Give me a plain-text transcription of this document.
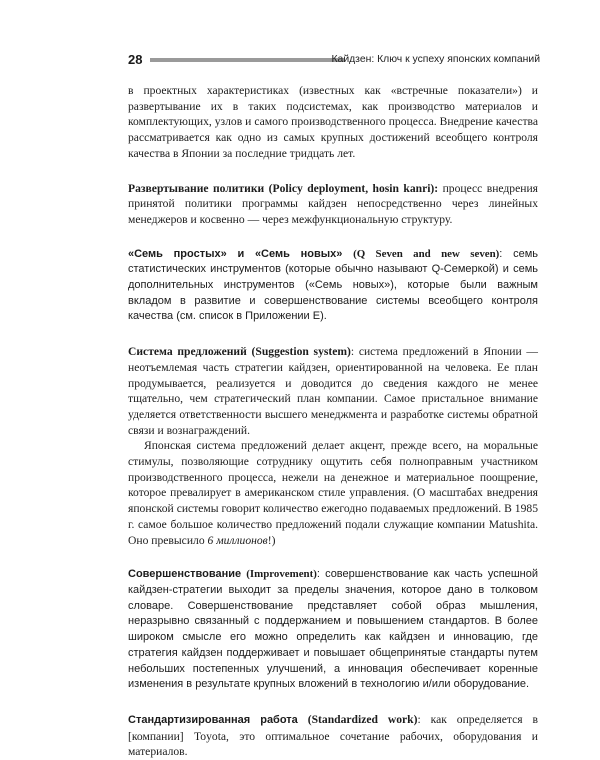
28	Кайдзен: Ключ к успеху японских компаний

в проектных характеристиках (известных как «встречные показатели») и развертывание их в таких подсистемах, как производство материалов и комплектующих, узлов и самого производственного процесса. Внедрение качества рассматривается как одно из самых крупных достижений всеобщего контроля качества в Японии за последние тридцать лет.

Развертывание политики (Policy deployment, hosin kanri): процесс внедрения принятой политики программы кайдзен непосредственно через линейных менеджеров и косвенно — через межфункциональную структуру.

«Семь простых» и «Семь новых» (Q Seven and new seven): семь статистических инструментов (которые обычно называют Q-Семеркой) и семь дополнительных инструментов («Семь новых»), которые были важным вкладом в развитие и совершенствование системы всеобщего контроля качества (см. список в Приложении Е).

Система предложений (Suggestion system): система предложений в Японии — неотъемлемая часть стратегии кайдзен, ориентированной на человека. Ее план продумывается, реализуется и доводится до сведения каждого не менее тщательно, чем стратегический план компании. Самое пристальное внимание уделяется ответственности высшего менеджмента и разработке системы обратной связи и вознаграждений.

Японская система предложений делает акцент, прежде всего, на моральные стимулы, позволяющие сотруднику ощутить себя полноправным участником производственного процесса, нежели на денежное и материальное поощрение, которое превалирует в американском стиле управления. (О масштабах внедрения японской системы говорит количество ежегодно подаваемых предложений. В 1985 г. самое большое количество предложений подали служащие компании Matushita. Оно превысило 6 миллионов!)

Совершенствование (Improvement): совершенствование как часть успешной кайдзен-стратегии выходит за пределы значения, которое дано в толковом словаре. Совершенствование представляет собой образ мышления, неразрывно связанный с поддержанием и повышением стандартов. В более широком смысле его можно определить как кайдзен и инновацию, где стратегия кайдзен поддерживает и повышает общепринятые стандарты путем небольших постепенных улучшений, а инновация обеспечивает коренные изменения в результате крупных вложений в технологию и/или оборудование.

Стандартизированная работа (Standardized work): как определяется в [компании] Toyota, это оптимальное сочетание рабочих, оборудования и материалов.
